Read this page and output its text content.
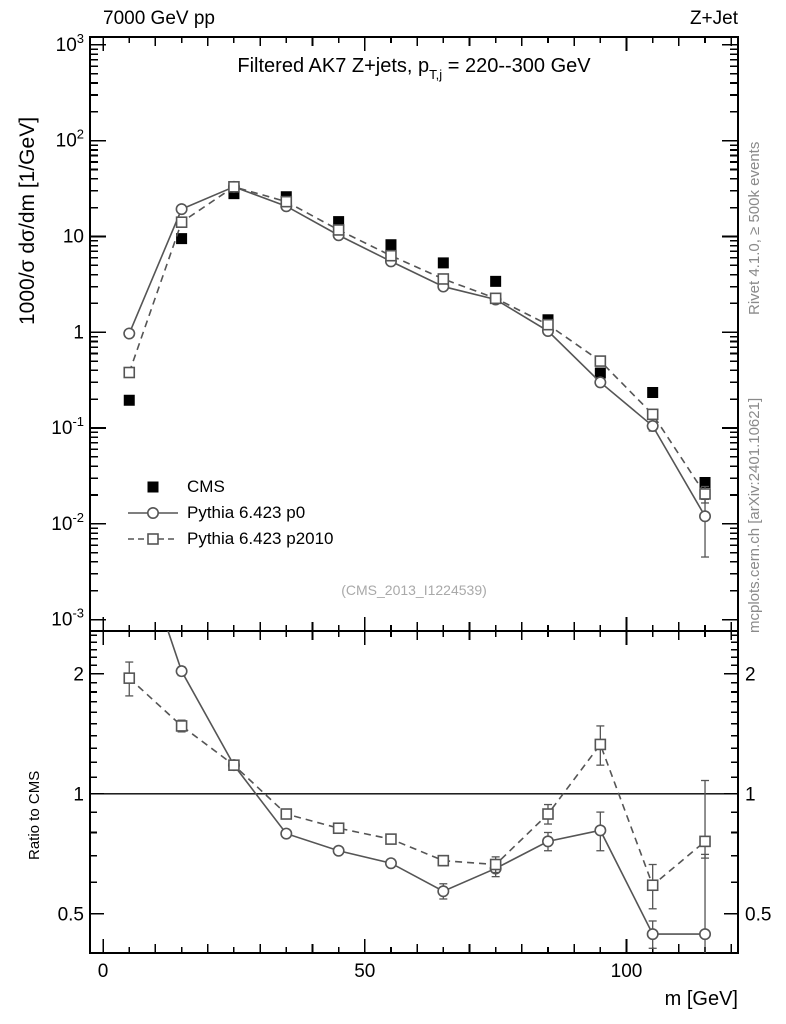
0	50	100
$10^3$
$10^2$
10
1
$10^{-1}$
$10^{-2}$
$10^{-3}$
2	2
1	1
0.5	0.5
7000 GeV pp	Z+Jet
Filtered AK7 Z+jets, $p_{T,j} = 220--300$ GeV
1000/σ dσ/dm [1/GeV]
Ratio to CMS
Rivet 4.1.0, ≥ 500k events
mcplots.cern.ch [arXiv:2401.10621]
(CMS_2013_I1224539)
m [GeV]
CMS
Pythia 6.423 p0
Pythia 6.423 p2010
